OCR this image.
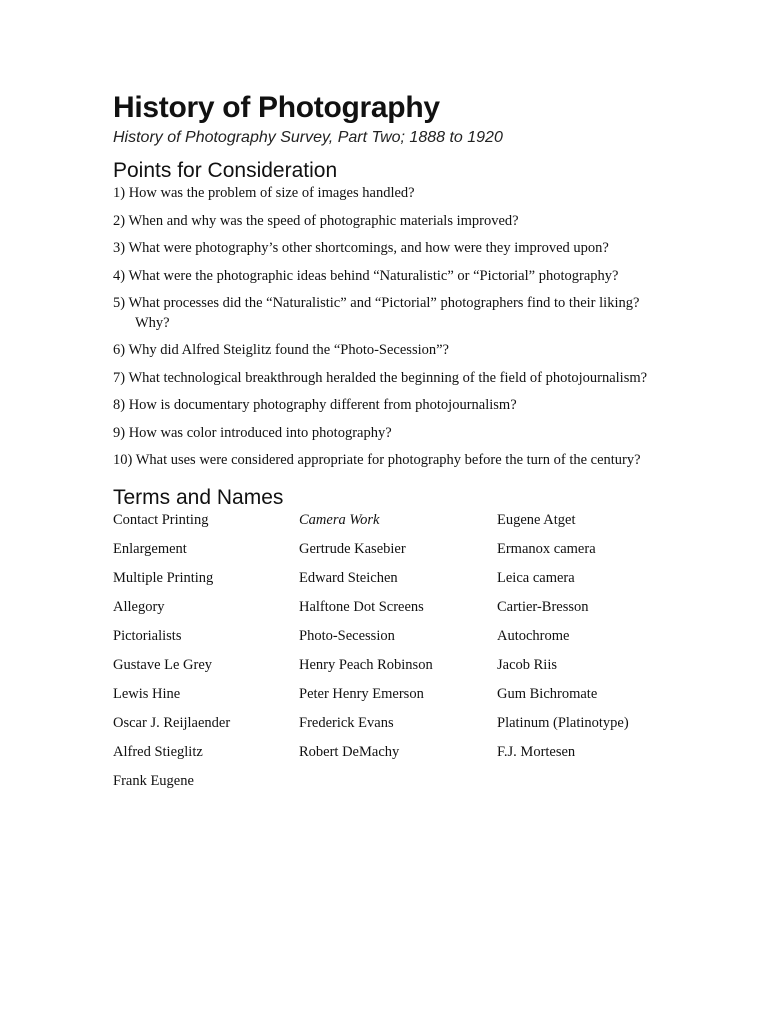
History of Photography

History of Photography Survey, Part Two; 1888 to 1920

Points for Consideration
1) How was the problem of size of images handled?
2) When and why was the speed of photographic materials improved?
3) What were photography’s other shortcomings, and how were they improved upon?
4) What were the photographic ideas behind “Naturalistic” or “Pictorial” photography?
5) What processes did the “Naturalistic” and “Pictorial” photographers find to their liking? Why?
6) Why did Alfred Steiglitz found the “Photo-Secession”?
7) What technological breakthrough heralded the beginning of the field of photojournalism?
8) How is documentary photography different from photojournalism?
9) How was color introduced into photography?
10) What uses were considered appropriate for photography before the turn of the century?
Terms and Names
Contact Printing	Camera Work	Eugene Atget
Enlargement	Gertrude Kasebier	Ermanox camera
Multiple Printing	Edward Steichen	Leica camera
Allegory	Halftone Dot Screens	Cartier-Bresson
Pictorialists	Photo-Secession	Autochrome
Gustave Le Grey	Henry Peach Robinson	Jacob Riis
Lewis Hine	Peter Henry Emerson	Gum Bichromate
Oscar J. Reijlaender	Frederick Evans	Platinum (Platinotype)
Alfred Stieglitz	Robert DeMachy	F.J. Mortesen
Frank Eugene
